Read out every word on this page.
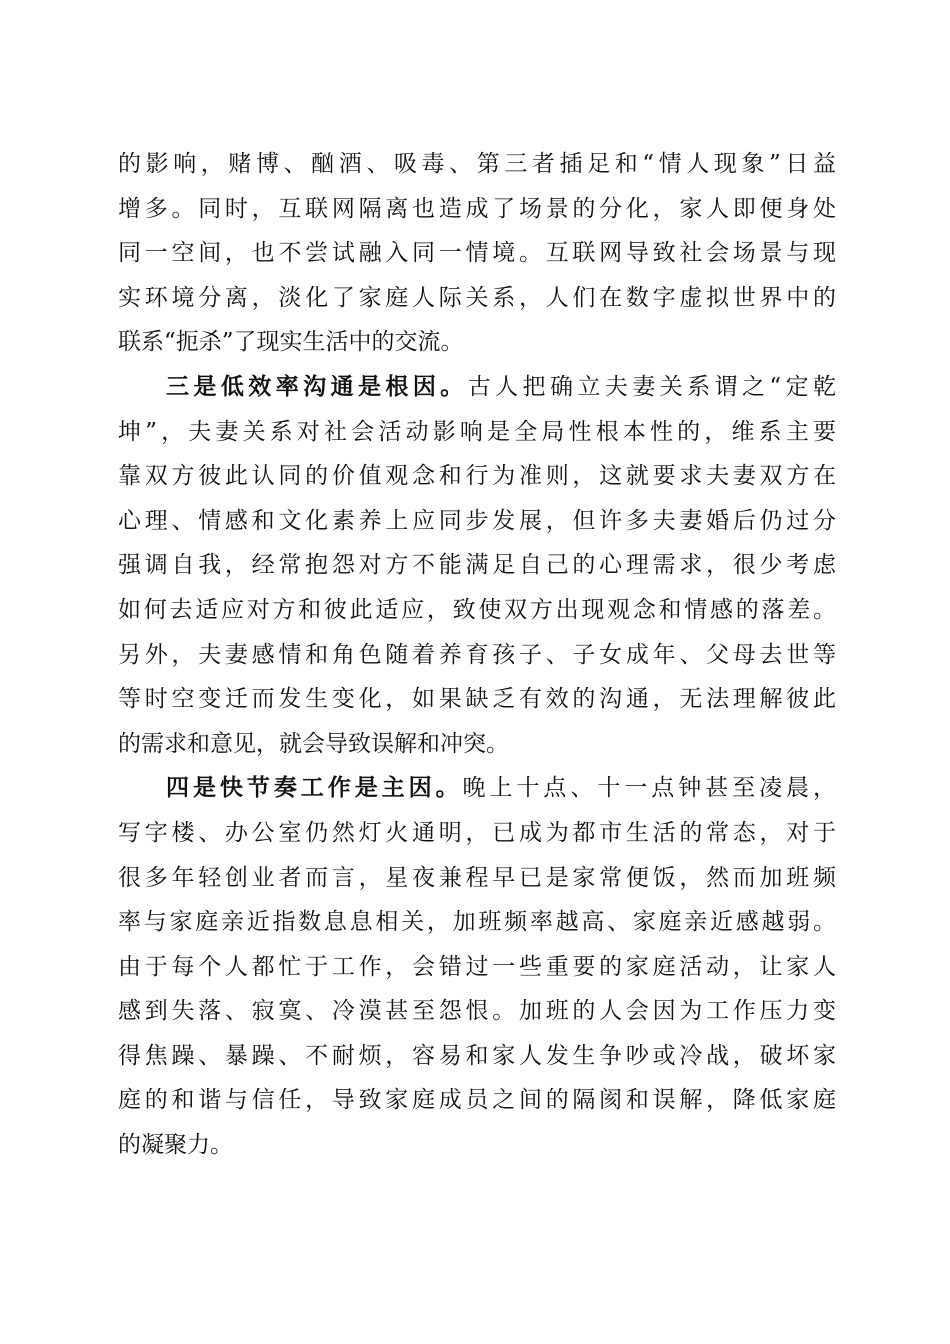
的影响，赌博、酗酒、吸毒、第三者插足和“情人现象”日益
增多。同时，互联网隔离也造成了场景的分化，家人即便身处
同一空间，也不尝试融入同一情境。互联网导致社会场景与现
实环境分离，淡化了家庭人际关系，人们在数字虚拟世界中的
联系“扼杀”了现实生活中的交流。
三是低效率沟通是根因。古人把确立夫妻关系谓之“定乾
坤”，夫妻关系对社会活动影响是全局性根本性的，维系主要
靠双方彼此认同的价值观念和行为准则，这就要求夫妻双方在
心理、情感和文化素养上应同步发展，但许多夫妻婚后仍过分
强调自我，经常抱怨对方不能满足自己的心理需求，很少考虑
如何去适应对方和彼此适应，致使双方出现观念和情感的落差。
另外，夫妻感情和角色随着养育孩子、子女成年、父母去世等
等时空变迁而发生变化，如果缺乏有效的沟通，无法理解彼此
的需求和意见，就会导致误解和冲突。
四是快节奏工作是主因。晚上十点、十一点钟甚至凌晨，
写字楼、办公室仍然灯火通明，已成为都市生活的常态，对于
很多年轻创业者而言，星夜兼程早已是家常便饭，然而加班频
率与家庭亲近指数息息相关，加班频率越高、家庭亲近感越弱。
由于每个人都忙于工作，会错过一些重要的家庭活动，让家人
感到失落、寂寞、冷漠甚至怨恨。加班的人会因为工作压力变
得焦躁、暴躁、不耐烦，容易和家人发生争吵或冷战，破坏家
庭的和谐与信任，导致家庭成员之间的隔阂和误解，降低家庭
的凝聚力。
